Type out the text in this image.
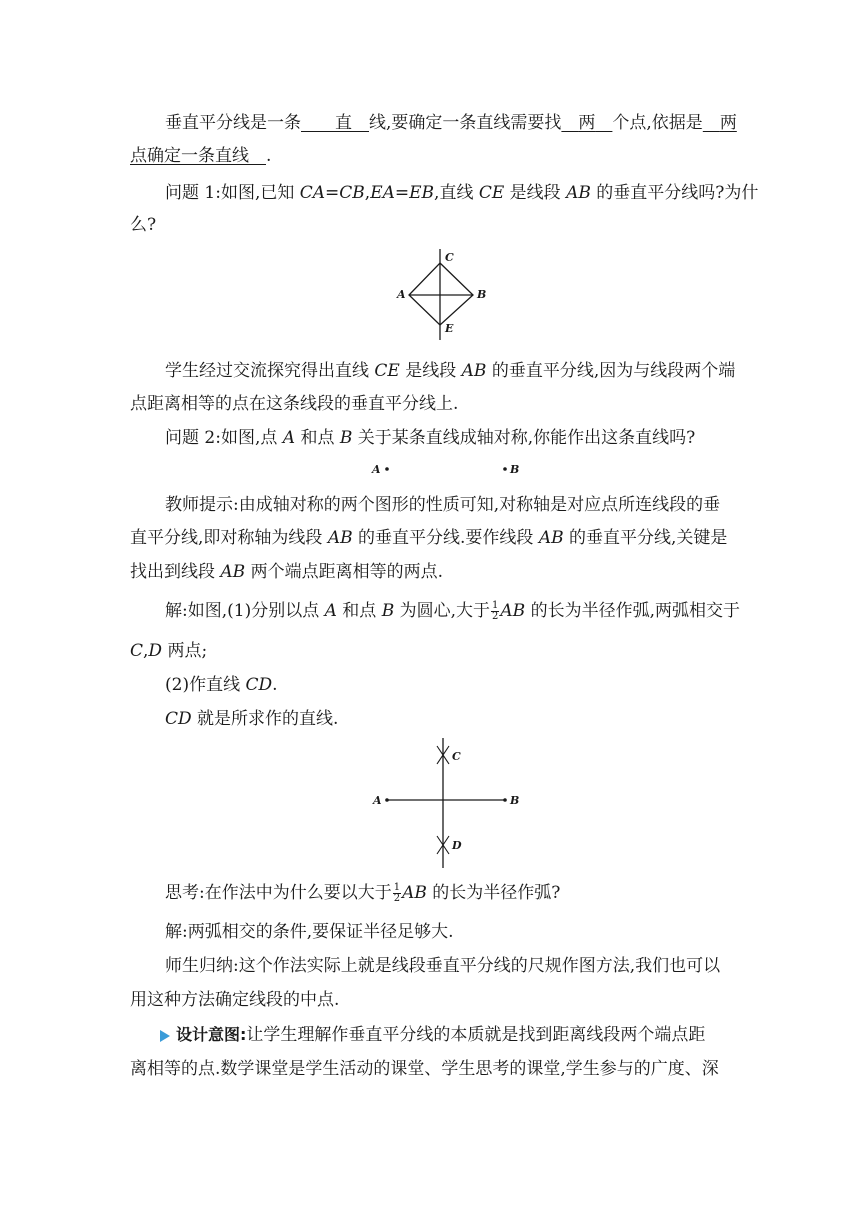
垂直平分线是一条   直  线,要确定一条直线需要找  两  个点,依据是  两
点确定一条直线  .
问题 1:如图,已知 CA=CB,EA=EB,直线 CE 是线段 AB 的垂直平分线吗?为什
么?
A	B
C
E
学生经过交流探究得出直线 CE 是线段 AB 的垂直平分线,因为与线段两个端
点距离相等的点在这条线段的垂直平分线上.
问题 2:如图,点 A 和点 B 关于某条直线成轴对称,你能作出这条直线吗?
A	B
教师提示:由成轴对称的两个图形的性质可知,对称轴是对应点所连线段的垂
直平分线,即对称轴为线段 AB 的垂直平分线.要作线段 AB 的垂直平分线,关键是
找出到线段 AB 两个端点距离相等的两点.
解:如图,(1)分别以点 A 和点 B 为圆心,大于 $\frac{1}{2}$ AB 的长为半径作弧,两弧相交于
C,D 两点;
(2)作直线 CD.
CD 就是所求作的直线.
A	B
C
D
思考:在作法中为什么要以大于 $\frac{1}{2}$ AB 的长为半径作弧?
解:两弧相交的条件,要保证半径足够大.
师生归纳:这个作法实际上就是线段垂直平分线的尺规作图方法,我们也可以
用这种方法确定线段的中点.
设计意图:让学生理解作垂直平分线的本质就是找到距离线段两个端点距
离相等的点.数学课堂是学生活动的课堂、学生思考的课堂,学生参与的广度、深
